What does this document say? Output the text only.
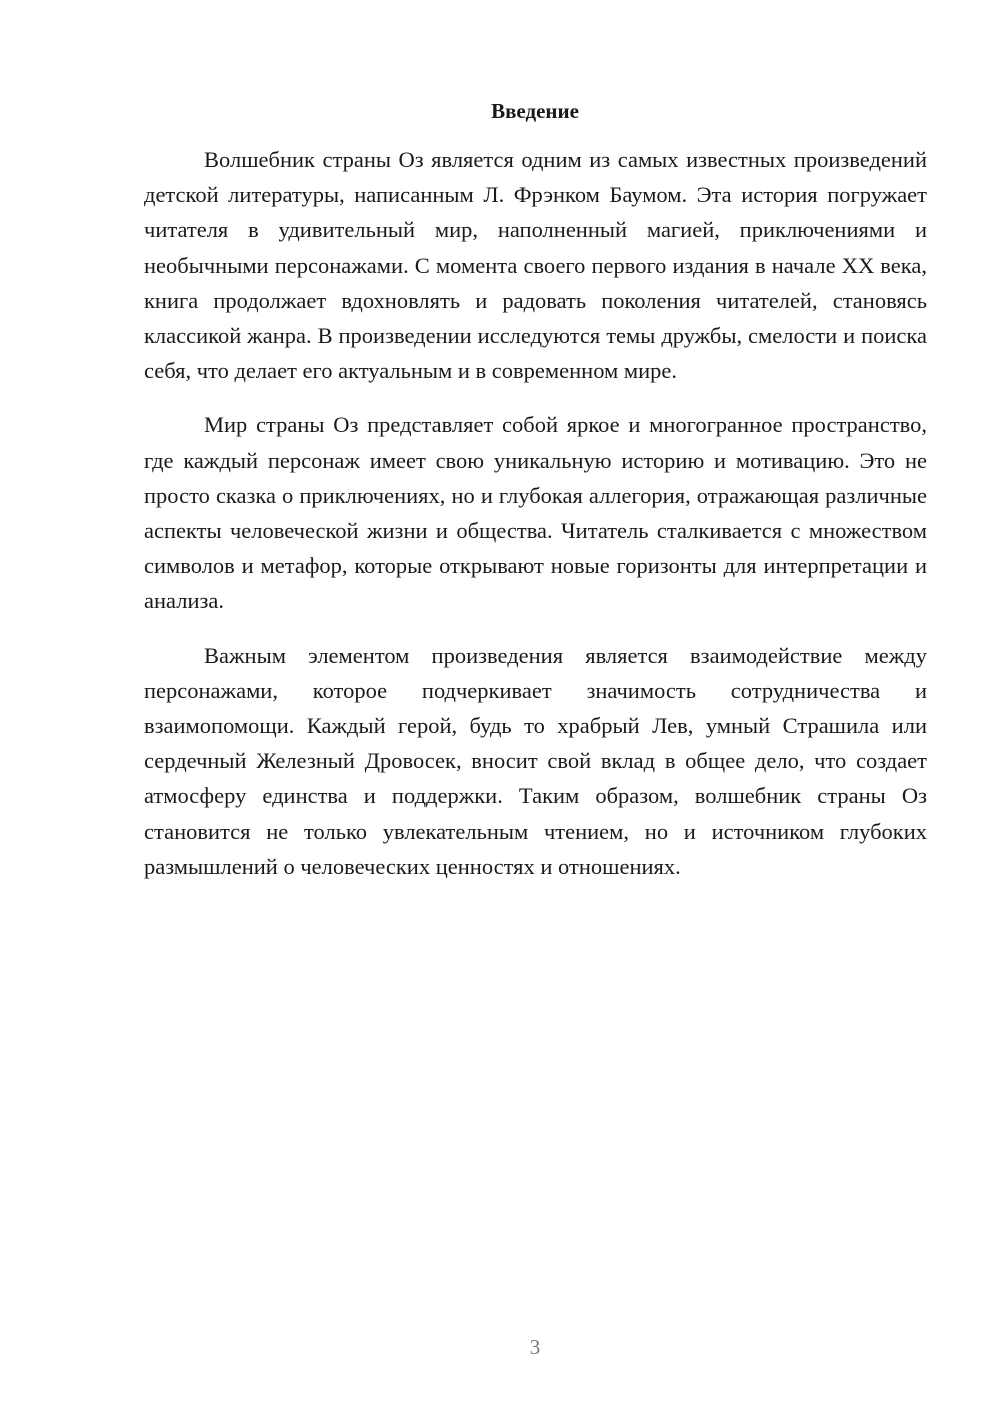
Введение

Волшебник страны Оз является одним из самых известных произведений детской литературы, написанным Л. Фрэнком Баумом. Эта история погружает читателя в удивительный мир, наполненный магией, приключениями и необычными персонажами. С момента своего первого издания в начале XX века, книга продолжает вдохновлять и радовать поколения читателей, становясь классикой жанра. В произведении исследуются темы дружбы, смелости и поиска себя, что делает его актуальным и в современном мире.

Мир страны Оз представляет собой яркое и многогранное пространство, где каждый персонаж имеет свою уникальную историю и мотивацию. Это не просто сказка о приключениях, но и глубокая аллегория, отражающая различные аспекты человеческой жизни и общества. Читатель сталкивается с множеством символов и метафор, которые открывают новые горизонты для интерпретации и анализа.

Важным элементом произведения является взаимодействие между персонажами, которое подчеркивает значимость сотрудничества и взаимопомощи. Каждый герой, будь то храбрый Лев, умный Страшила или сердечный Железный Дровосек, вносит свой вклад в общее дело, что создает атмосферу единства и поддержки. Таким образом, волшебник страны Оз становится не только увлекательным чтением, но и источником глубоких размышлений о человеческих ценностях и отношениях.

3
